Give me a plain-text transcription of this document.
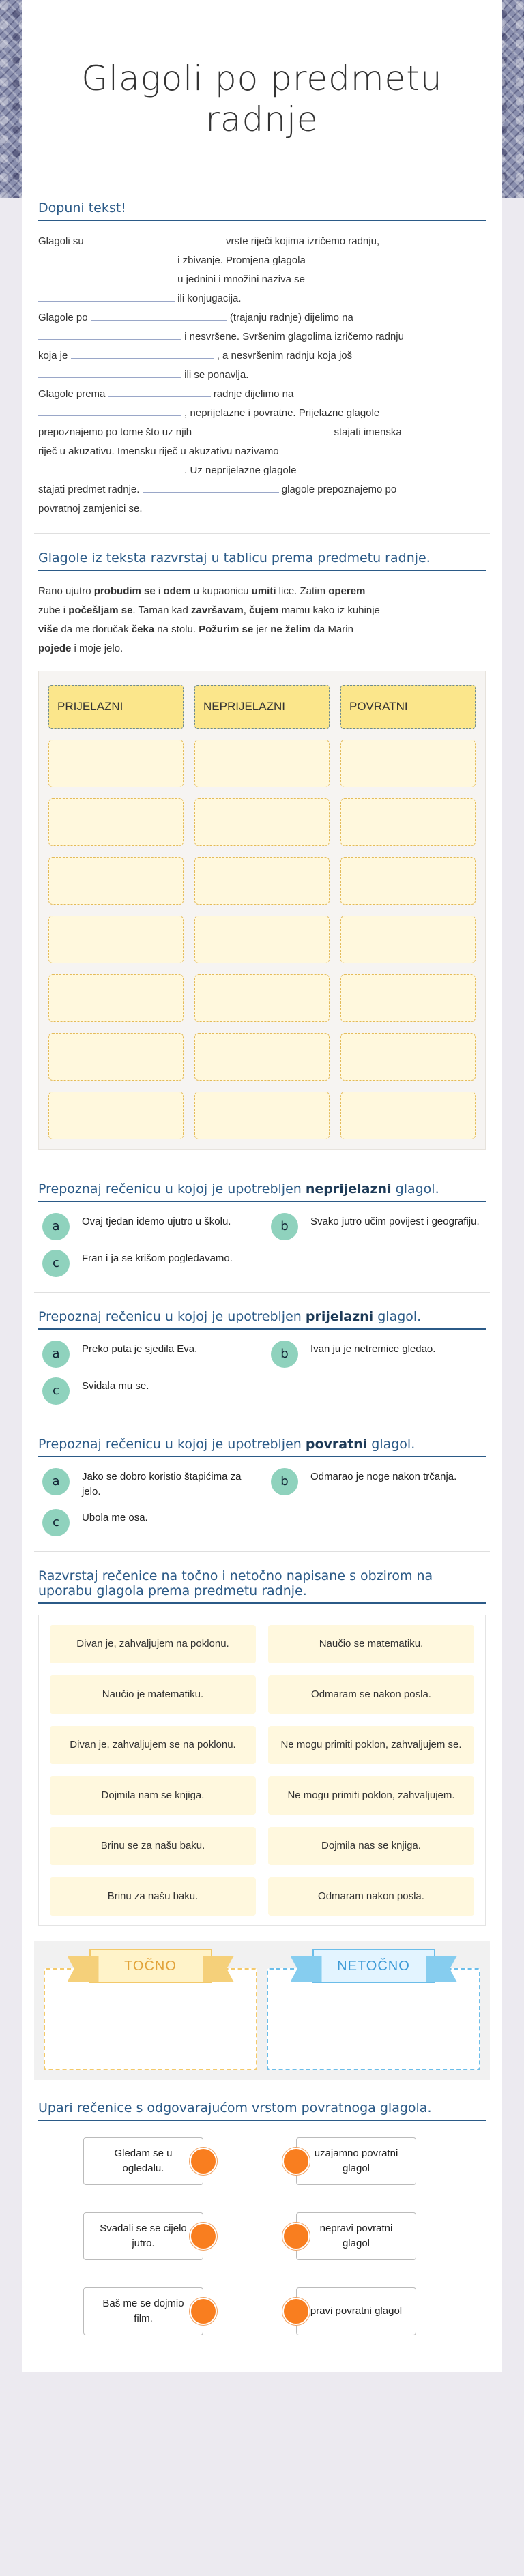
Glagoli po predmetu radnje
Dopuni tekst!
Glagoli su	vrste riječi kojima izričemo radnju,
i zbivanje. Promjena glagola
u jednini i množini naziva se
ili konjugacija.
Glagole po	(trajanju radnje) dijelimo na
i nesvršene. Svršenim glagolima izričemo radnju
koja je	, a nesvršenim radnju koja još
ili se ponavlja.
Glagole prema	radnje dijelimo na
, neprijelazne i povratne. Prijelazne glagole
prepoznajemo po tome što uz njih	stajati imenska
riječ u akuzativu. Imensku riječ u akuzativu nazivamo
. Uz neprijelazne glagole
stajati predmet radnje.	glagole prepoznajemo po
povratnoj zamjenici se.
Glagole iz teksta razvrstaj u tablicu prema predmetu radnje.
Rano ujutro probudim se i odem u kupaonicu umiti lice. Zatim operem
zube i počešljam se. Taman kad završavam, čujem mamu kako iz kuhinje
više da me doručak čeka na stolu. Požurim se jer ne želim da Marin
pojede i moje jelo.
PRIJELAZNI	NEPRIJELAZNI	POVRATNI
Prepoznaj rečenicu u kojoj je upotrebljen neprijelazni glagol.
a	Ovaj tjedan idemo ujutro u školu.	b	Svako jutro učim povijest i geografiju.
c	Fran i ja se krišom pogledavamo.
Prepoznaj rečenicu u kojoj je upotrebljen prijelazni glagol.
a	Preko puta je sjedila Eva.	b	Ivan ju je netremice gledao.
c	Svidala mu se.
Prepoznaj rečenicu u kojoj je upotrebljen povratni glagol.
a	Jako se dobro koristio štapićima za jelo.
b	Odmarao je noge nakon trčanja.
c	Ubola me osa.
Razvrstaj rečenice na točno i netočno napisane s obzirom na uporabu glagola prema predmetu radnje.
Divan je, zahvaljujem na poklonu.	Naučio se matematiku.
Naučio je matematiku.	Odmaram se nakon posla.
Divan je, zahvaljujem se na poklonu.	Ne mogu primiti poklon, zahvaljujem se.
Dojmila nam se knjiga.	Ne mogu primiti poklon, zahvaljujem.
Brinu se za našu baku.	Dojmila nas se knjiga.
Brinu za našu baku.	Odmaram nakon posla.
TOČNO	NETOČNO
Upari rečenice s odgovarajućom vrstom povratnoga glagola.
Gledam se u ogledalu.
Svadali se se cijelo jutro.
Baš me se dojmio film.
uzajamno povratni glagol
nepravi povratni glagol
pravi povratni glagol
